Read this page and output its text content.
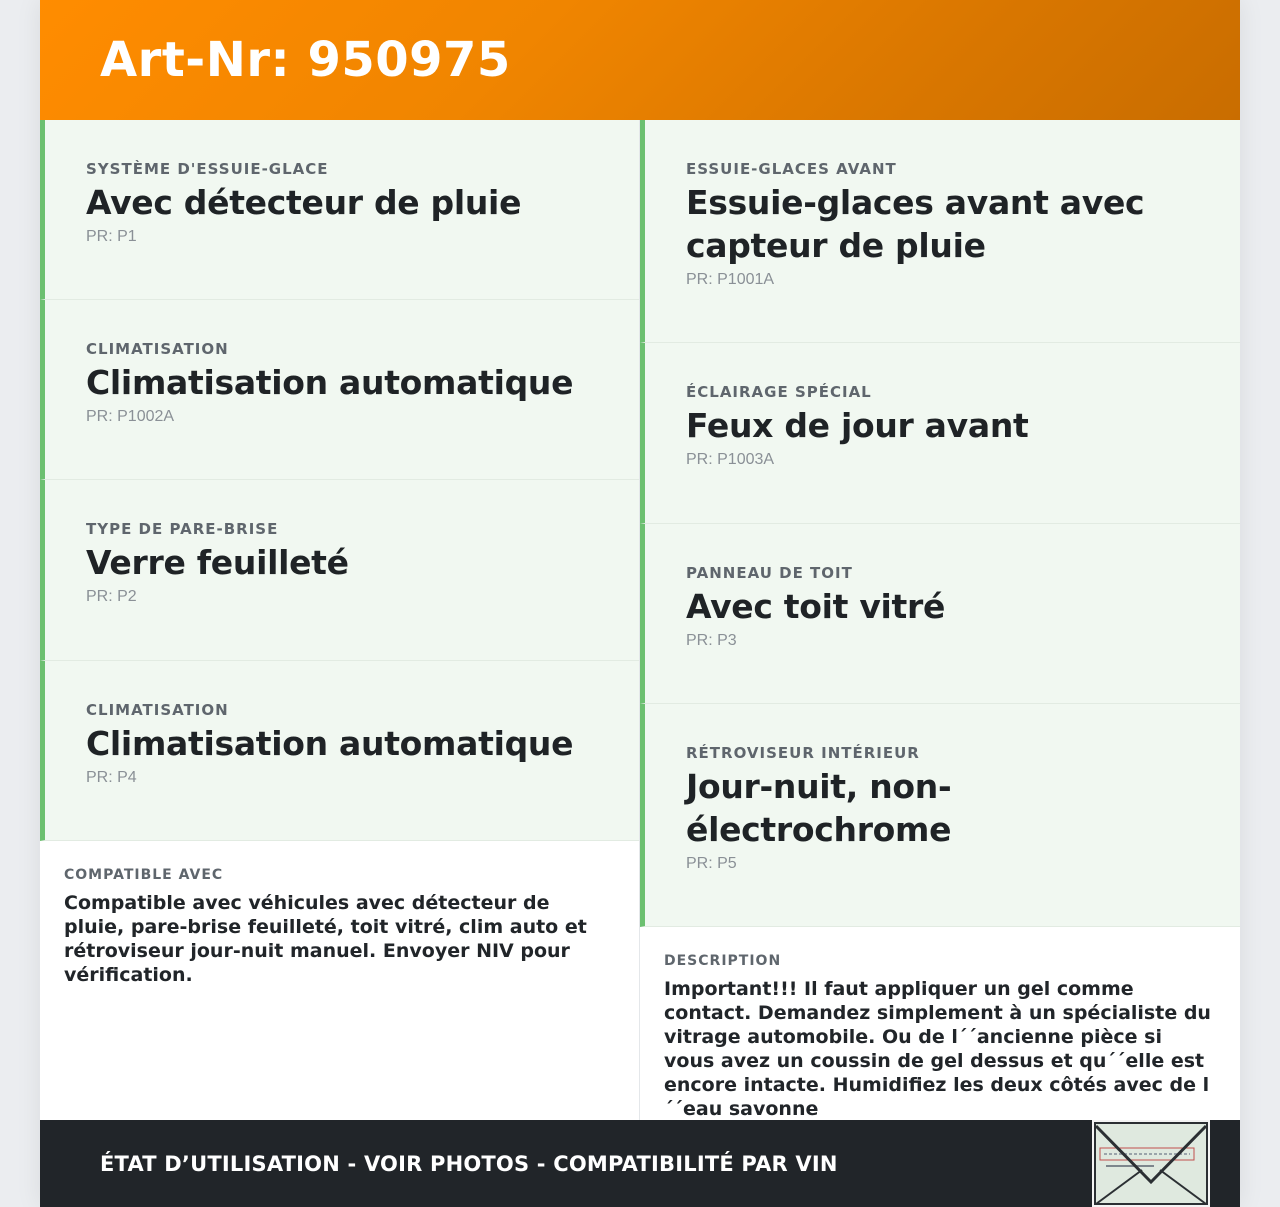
Art-Nr: 950975
SYSTÈME D'ESSUIE-GLACE
Avec détecteur de pluie
PR: P1
CLIMATISATION
Climatisation automatique
PR: P1002A
TYPE DE PARE-BRISE
Verre feuilleté
PR: P2
CLIMATISATION
Climatisation automatique
PR: P4
COMPATIBLE AVEC
Compatible avec véhicules avec détecteur de pluie, pare-brise feuilleté, toit vitré, clim auto et rétroviseur jour-nuit manuel. Envoyer NIV pour vérification.
ESSUIE-GLACES AVANT
Essuie-glaces avant avec capteur de pluie
PR: P1001A
ÉCLAIRAGE SPÉCIAL
Feux de jour avant
PR: P1003A
PANNEAU DE TOIT
Avec toit vitré
PR: P3
RÉTROVISEUR INTÉRIEUR
Jour-nuit, non-électrochrome
PR: P5
DESCRIPTION
Important!!! Il faut appliquer un gel comme contact. Demandez simplement à un spécialiste du vitrage automobile. Ou de l´´ancienne pièce si vous avez un coussin de gel dessus et qu´´elle est encore intacte. Humidifiez les deux côtés avec de l´´eau savonne
ÉTAT D’UTILISATION - VOIR PHOTOS - COMPATIBILITÉ PAR VIN
